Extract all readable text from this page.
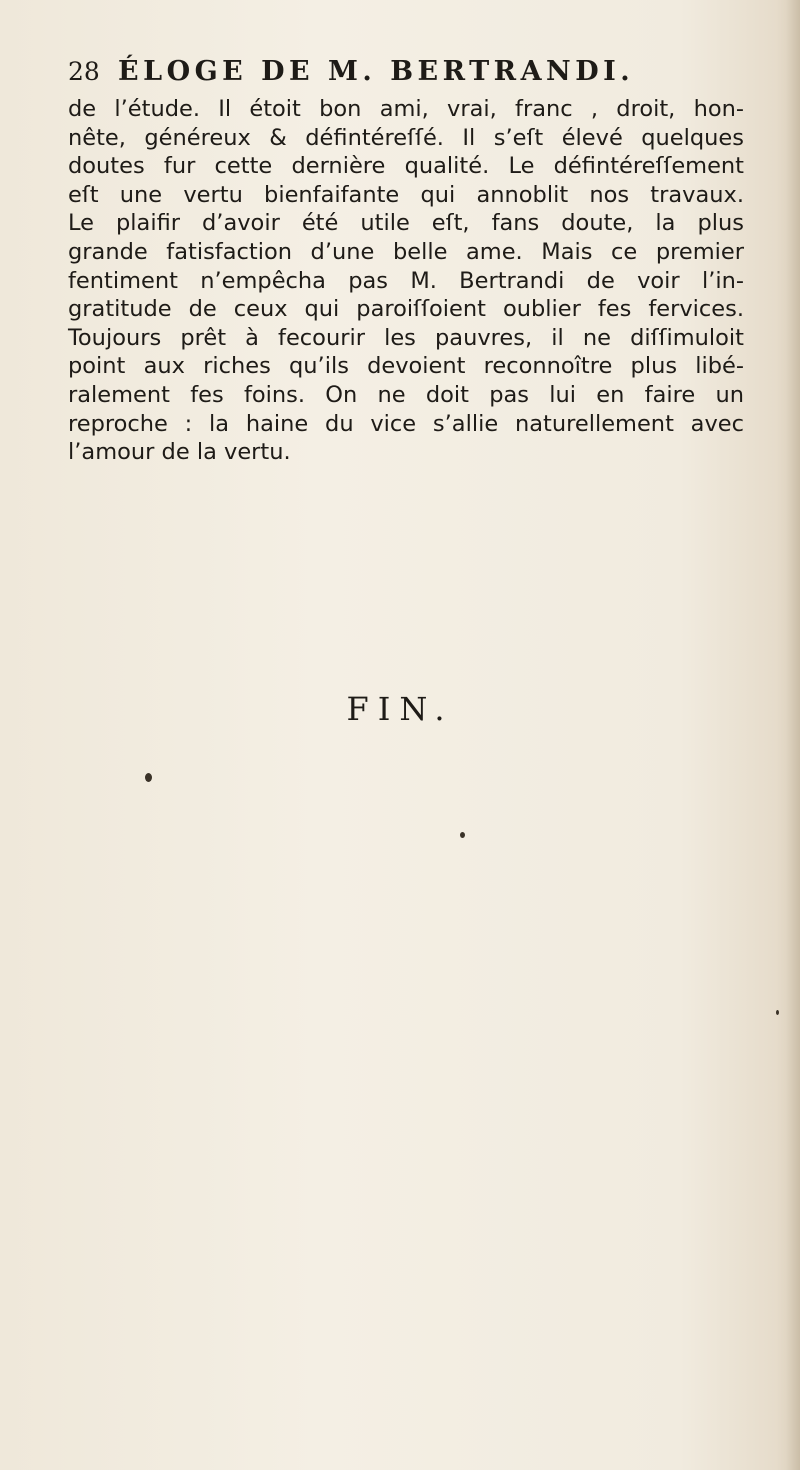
28 ÉLOGE DE M. BERTRANDI.
de l’étude. Il étoit bon ami, vrai, franc , droit, hon-
nête, généreux & défintéreſſé. Il s’eſt élevé quelques
doutes fur cette dernière qualité. Le défintéreſſement
eſt une vertu bienfaifante qui annoblit nos travaux.
Le plaifir d’avoir été utile eſt, fans doute, la plus
grande fatisfaction d’une belle ame. Mais ce premier
fentiment n’empêcha pas M. Bertrandi de voir l’in-
gratitude de ceux qui paroiſſoient oublier fes fervices.
Toujours prêt à fecourir les pauvres, il ne diſſimuloit
point aux riches qu’ils devoient reconnoître plus libé-
ralement fes foins. On ne doit pas lui en faire un
reproche : la haine du vice s’allie naturellement avec
l’amour de la vertu.
FIN.
